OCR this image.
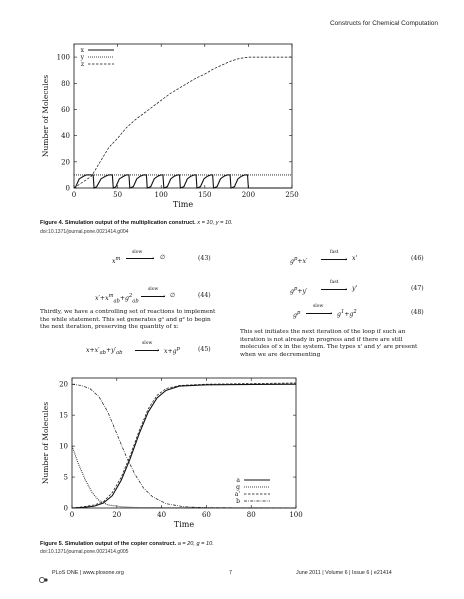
Constructs for Chemical Computation
0	50	100	150	200	250
0
20
40
60
80
100
Time
Number of Molecules
x
y
z
Figure 4. Simulation output of the multiplication construct. x = 10, y = 10.
doi:10.1371/journal.pone.0021414.g004
$x^m$
slow
› ∅	(43)
$x'+x^m_{ab}+g^2_{ab}$
slow
› ∅	(44)
Thirdly, we have a controlling set of reactions to implement the while statement. This set generates g¹ and g² to begin the next iteration, preserving the quantity of x:
$x+x'_{ab}+y'_{ab}$
slow
› $x+g^p$	(45)
$g^p+x'$
fast
› x'	(46)
$g^p+y'$
fast
› y'	(47)
$g^p$
slow
› $g^1+g^2$	(48)
This set initiates the next iteration of the loop if such an iteration is not already in progress and if there are still molecules of x in the system. The types x' and y' are present when we are decrementing
0	20	40	60	80	100
0
5
10
15
20
Time
Number of Molecules	a
g
a'
b
Figure 5. Simulation output of the copier construct. a = 20, g = 10.
doi:10.1371/journal.pone.0021414.g005
PLoS ONE | www.plosone.org	7	June 2011 | Volume 6 | Issue 6 | e21414
